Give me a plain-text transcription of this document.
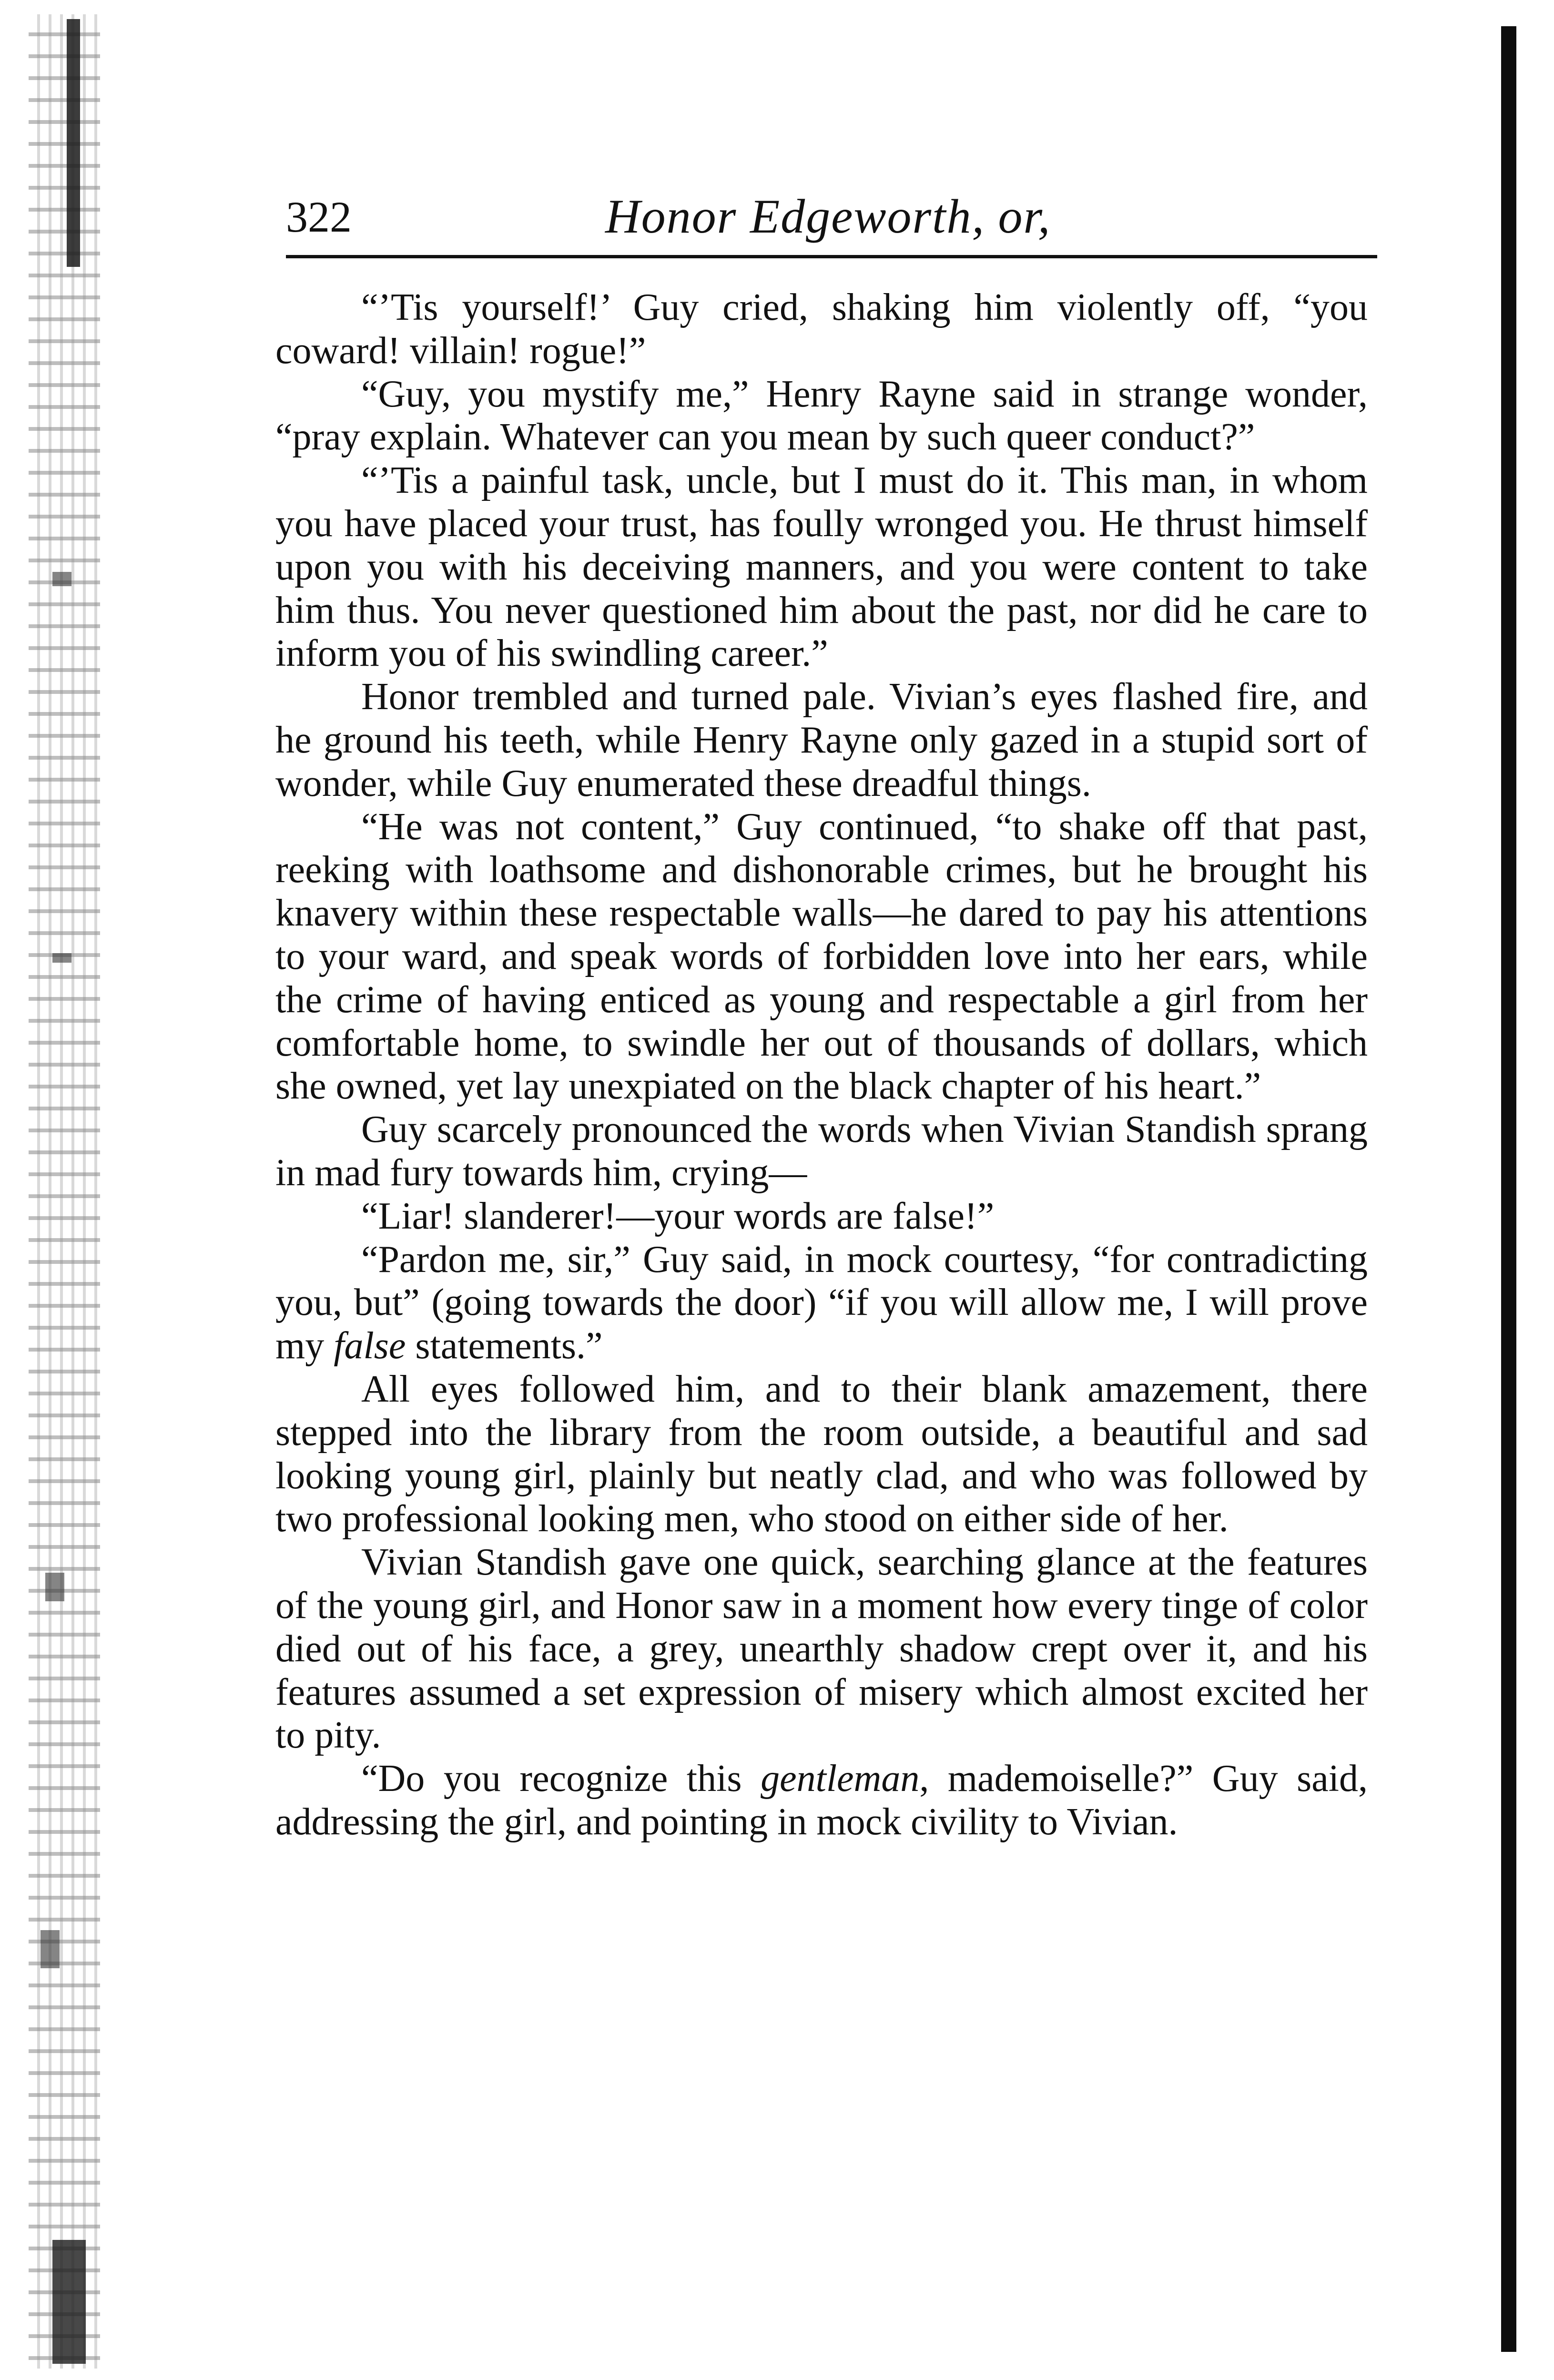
322	Honor Edgeworth, or,

“’Tis yourself!’ Guy cried, shaking him violently off, “you coward! villain! rogue!”

“Guy, you mystify me,” Henry Rayne said in strange wonder, “pray explain. Whatever can you mean by such queer conduct?”

“’Tis a painful task, uncle, but I must do it. This man, in whom you have placed your trust, has foully wronged you. He thrust himself upon you with his deceiving manners, and you were content to take him thus. You never questioned him about the past, nor did he care to inform you of his swindling career.”

Honor trembled and turned pale. Vivian’s eyes flashed fire, and he ground his teeth, while Henry Rayne only gazed in a stupid sort of wonder, while Guy enumerated these dreadful things.

“He was not content,” Guy continued, “to shake off that past, reeking with loathsome and dishonorable crimes, but he brought his knavery within these respectable walls—he dared to pay his attentions to your ward, and speak words of forbidden love into her ears, while the crime of having enticed as young and respectable a girl from her comfortable home, to swindle her out of thousands of dollars, which she owned, yet lay unexpiated on the black chapter of his heart.”

Guy scarcely pronounced the words when Vivian Standish sprang in mad fury towards him, crying—

“Liar! slanderer!—your words are false!”

“Pardon me, sir,” Guy said, in mock courtesy, “for contradicting you, but” (going towards the door) “if you will allow me, I will prove my false statements.”

All eyes followed him, and to their blank amazement, there stepped into the library from the room outside, a beautiful and sad looking young girl, plainly but neatly clad, and who was followed by two professional looking men, who stood on either side of her.

Vivian Standish gave one quick, searching glance at the features of the young girl, and Honor saw in a moment how every tinge of color died out of his face, a grey, unearthly shadow crept over it, and his features assumed a set expression of misery which almost excited her to pity.

“Do you recognize this gentleman, mademoiselle?” Guy said, addressing the girl, and pointing in mock civility to Vivian.
